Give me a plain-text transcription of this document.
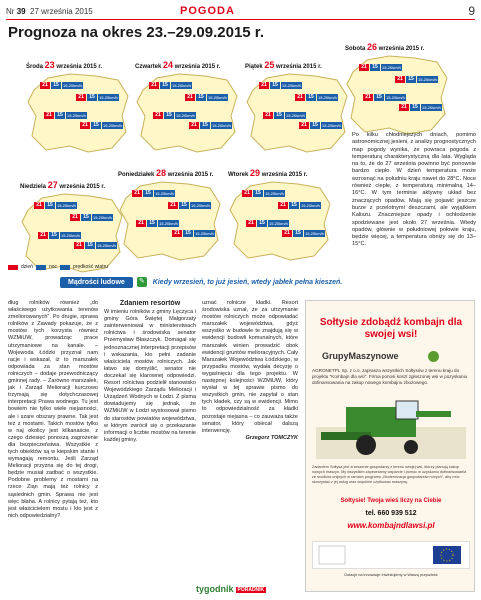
Nr 39 27 września 2015	POGODA	9
Prognoza na okres 23.–29.09.2015 r.
Środa 23 września 2015 r.
21	15	15-20km/h
21	15	15-20km/h
21	15	15-20km/h
21	15	15-20km/h
Czwartek 24 września 2015 r.
21	15	15-20km/h
21	15	15-20km/h
21	15	15-20km/h
21	15	15-20km/h
Piątek 25 września 2015 r.
21	15	15-20km/h
21	15	15-20km/h
21	15	15-20km/h
21	15	15-20km/h
Sobota 26 września 2015 r.
21	15	15-20km/h
21	15	15-20km/h
21	15	15-20km/h
21	15	15-20km/h
Niedziela 27 września 2015 r.
21	15	15-20km/h
21	15	15-20km/h
21	15	15-20km/h
21	15	15-20km/h
Poniedziałek 28 września 2015 r.
21	15	15-20km/h
21	15	15-20km/h
21	15	15-20km/h
21	15	15-20km/h
Wtorek 29 września 2015 r.
21	15	15-20km/h
21	15	15-20km/h
21	15	15-20km/h
21	15	15-20km/h
dzień	noc	prędkość wiatru
Po kilku chłodniejszych dniach, pomimo astronomicznej jesieni, z analizy prognostycznych map pogody wynika, że powraca pogoda z temperaturą charakterystyczną dla lata. Wygląda na to, że do 27 września powinno być ponownie bardzo ciepło. W dzień temperatura może wzrosnąć na południu kraju nawet do 28°C. Noce również ciepłe, z temperaturą minimalną 14–16°C. W tym terminie aktywny układ bez znaczących opadów. Mają się pojawić jeszcze burze z przelotnymi deszczami, ale wyjątkiem Kaliszu. Znaczniejsze opady i ochłodzenie spodziewane jest około 27 września. Wtedy opadów, głównie w południowej połowie kraju, będzie więcej, a temperatura obniży się do 13–15°C.
Mądrości ludowe	✎ Kiedy wrzesień, to już jesień, wtedy jabłek pełna kieszeń.
dług rolników również „do właściwego użytkowania terenów zmeliorowanych". Po drugie, sprawa rolników z Zawady pokazuje, że z mostów tych korzysta również WZMiUW, prowadząc prace utrzymaniowe na kanale. – Wojewoda Łódzki przyznał nam racje i wskazał, iż to marszałek odpowiada za stan mostów rolniczych – dodaje przewodniczący gminnej rady. – Zarówno marszałek, jak i Zarząd Melioracji kurczowo trzymają się dotychczasowej interpretacji Prawa wodnego. Tu jest bowiem nie tylko wiele niejasności, ale i szare obszary prawne. Tak jest też z mostami. Takich mostów tylko w naj okolicy jest kilkanaście, z czego dziesięć ponoszą zagrożenie dla bezpieczeństwa. Wszystkie z tych obiektów są w kiepskim stanie i wymagają remontu. Jeśli Zarząd Melioracji przyzna się do tej drogi, będzie musiał zadbać o wszystkie. Podobne problemy z mostami na rzece Ziąn mają też rolnicy z sąsiednich gmin. Sprawa nie jest więc błaha. A rolnicy pytają też, kto jest właścicielem mostu i kto jest z nich odpowiedzialny?
Zdaniem resortów
W imieniu rolników z gminy Łęczyca i gminy Góra Świętej Małgorzaty zainterweniował w ministerstwach rolnictwa i środowiska senator Przemysław Błaszczyk. Domagał się jednoznacznej interpretacji przepisów i wskazania, kto pełni zadanie właściciela mostów rolniczych. Jak łatwo się domyślić, senator nie doczekał się klarownej odpowiedzi. Resort rolnictwa podzielił stanowisko Wojewódzkiego Zarządu Melioracji i Urządzeń Wodnych w Łodzi. Z pisma dowiadujemy się jednak, że WZMiUW w Łodzi wystosował pismo do starostów powiatów województwa, w którym zwrócił się o przekazanie informacji o liczbie mostów na terenie każdej gminy.
uznać rolnicze kładki. Resort środowiska uznał, że za utrzymanie mostów rolniczych może odpowiadać marszałek województwa, gdyż wszystko w budowle te znajdują się w ewidencji budowli komunalnych, które marszałek winien prowadzić obok ewidencji gruntów melioracyjnych. Cały Marszałek Województwa Łódzkiego, w przypadku mostów, wydała decyzję o wygaśnięciu dla tego projektu. W następnej kolejności WZMiUW, który wysłał w tej sprawie pismo do wszystkich gmin, nie zapytał o stan tych kładek, czy są w ewidencji. Mimo to odpowiedzialność za kładki pozostaje niejasna – co zauważa także senator, który obiecał dalszą interwencję.
Grzegorz TOMCZYK
Sołtysie zdobądź kombajn dla swojej wsi!
GrupyMaszynowe
AGRONETPL Sp. z o.o. zaprasza wszystkich Sołtysów z terenu kraju do projektu "Kombajn dla wsi". Firma ponosi koszt zgłoszonej wsi w pozyskaniu dofinansowania na zakup nowego kombajnu zbożowego.
Zadaniem Sołtysa jest zrzeszenie gospodarzy z terenu swojej wsi, którzy planują zakup nowych maszyn. My wszystkim zapewniamy wsparcie i pomoc w uzyskaniu dofinansowania ze środków unijnych w ramach programu „Modernizacja gospodarstw rolnych”, aby móc skorzystać z jej usług oraz wspólnie użytkować maszynę.
Sołtysie! Twoja wieś liczy na Ciebie
tel. 660 939 512
www.kombajndlawsi.pl
Dotacje na innowacje Inwestujemy w Waszą przyszłość
tygodnik PORADNIK
